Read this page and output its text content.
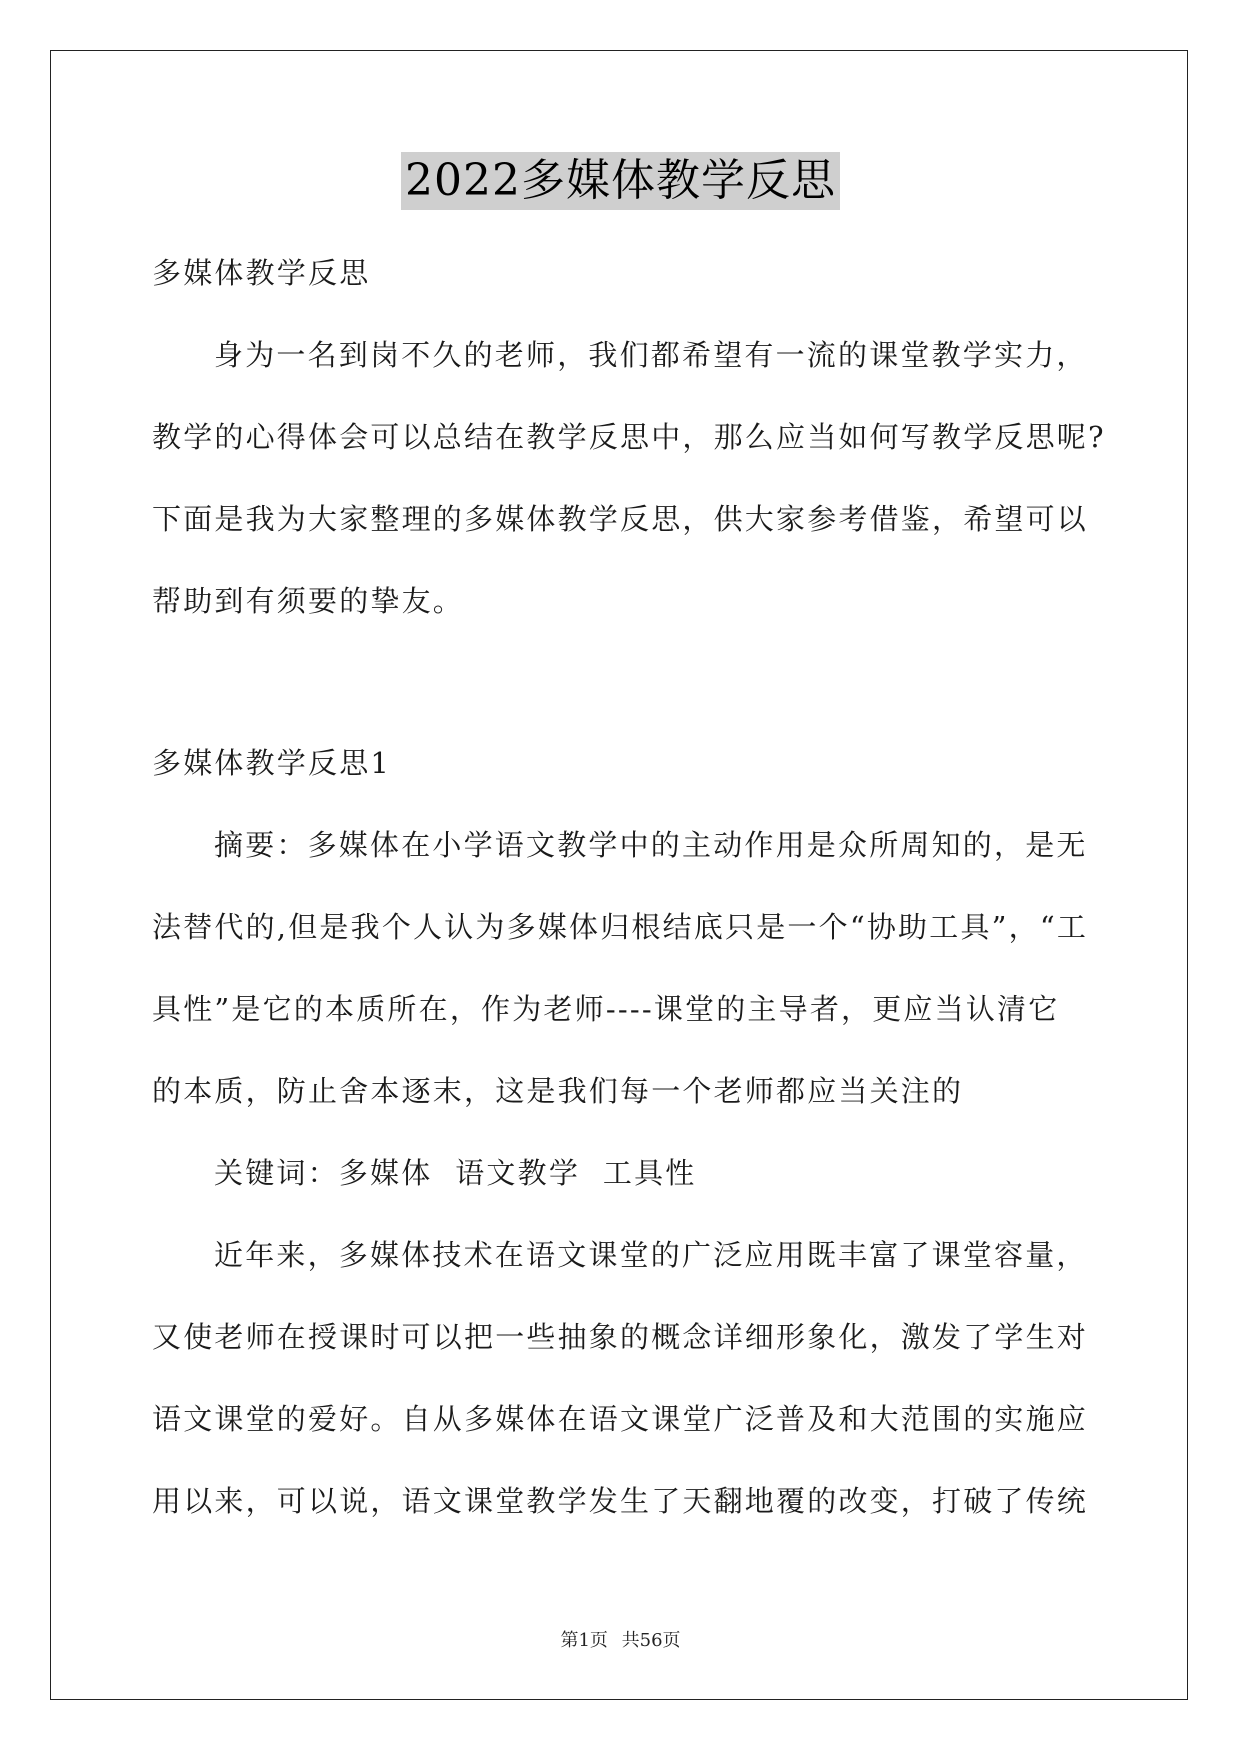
2022多媒体教学反思
多媒体教学反思
身为一名到岗不久的老师，我们都希望有一流的课堂教学实力，
教学的心得体会可以总结在教学反思中，那么应当如何写教学反思呢?
下面是我为大家整理的多媒体教学反思，供大家参考借鉴，希望可以
帮助到有须要的挚友。
多媒体教学反思1
摘要：多媒体在小学语文教学中的主动作用是众所周知的，是无
法替代的,但是我个人认为多媒体归根结底只是一个“协助工具”，“工
具性”是它的本质所在，作为老师----课堂的主导者，更应当认清它
的本质，防止舍本逐末，这是我们每一个老师都应当关注的
关键词：多媒体  语文教学  工具性
近年来，多媒体技术在语文课堂的广泛应用既丰富了课堂容量，
又使老师在授课时可以把一些抽象的概念详细形象化，激发了学生对
语文课堂的爱好。自从多媒体在语文课堂广泛普及和大范围的实施应
用以来，可以说，语文课堂教学发生了天翻地覆的改变，打破了传统
第1页 共56页
